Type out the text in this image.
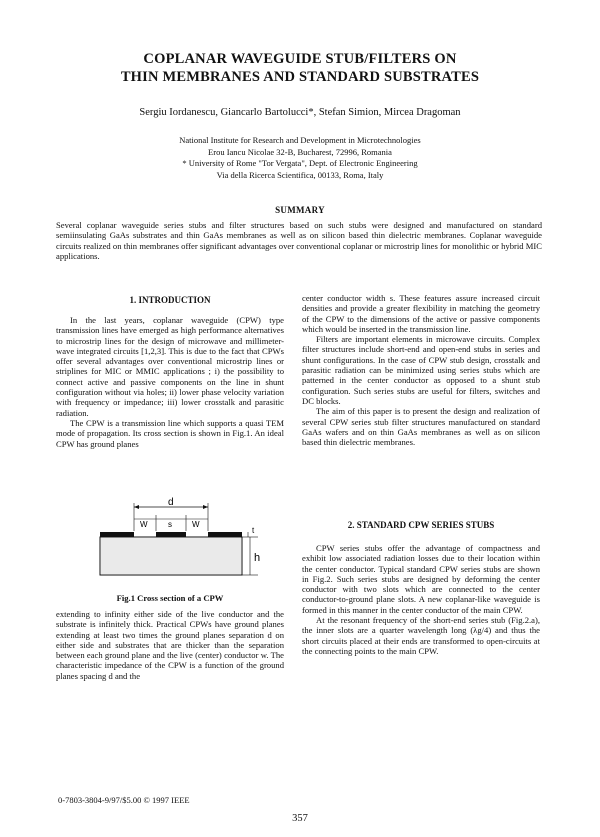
COPLANAR WAVEGUIDE STUB/FILTERS ON
THIN MEMBRANES AND STANDARD SUBSTRATES
Sergiu Iordanescu, Giancarlo Bartolucci*, Stefan Simion, Mircea Dragoman
National Institute for Research and Development in Microtechnologies
Erou Iancu Nicolae 32-B, Bucharest, 72996, Romania
* University of Rome "Tor Vergata", Dept. of Electronic Engineering
Via della Ricerca Scientifica, 00133, Roma, Italy
SUMMARY
Several coplanar waveguide series stubs and filter structures based on such stubs were designed and manufactured on standard semiinsulating GaAs substrates and thin GaAs membranes as well as on silicon based thin dielectric membranes. Coplanar waveguide circuits realized on thin membranes offer significant advantages over conventional coplanar or microstrip lines for monolithic or hybrid MIC applications.
1. INTRODUCTION

In the last years, coplanar waveguide (CPW) type transmission lines have emerged as high performance alternatives to microstrip lines for the design of microwave and millimeter-wave integrated circuits [1,2,3]. This is due to the fact that CPWs offer several advantages over conventional microstrip lines or striplines for MIC or MMIC applications ; i) the possibility to connect active and passive components on the line in shunt configuration without via holes; ii) lower phase velocity variation with frequency or impedance; iii) lower crosstalk and parasitic radiation.

The CPW is a transmission line which supports a quasi TEM mode of propagation. Its cross section is shown in Fig.1. An ideal CPW has ground planes

d
W	s	W
t
h
Fig.1 Cross section of a CPW
extending to infinity either side of the live conductor and the substrate is infinitely thick. Practical CPWs have ground planes extending at least two times the ground planes separation d on either side and substrates that are thicker than the separation between each ground plane and the live (center) conductor w. The characteristic impedance of the CPW is a function of the ground planes spacing d and the
center conductor width s. These features assure increased circuit densities and provide a greater flexibility in matching the geometry of the CPW to the dimensions of the active or passive components which would be inserted in the transmission line.

Filters are important elements in microwave circuits. Complex filter structures include short-end and open-end stubs in series and shunt configurations. In the case of CPW stub design, crosstalk and parasitic radiation can be minimized using series stubs which are patterned in the center conductor as opposed to a shunt stub configuration. Such series stubs are useful for filters, switches and DC blocks.

The aim of this paper is to present the design and realization of several CPW series stub filter structures manufactured on standard GaAs wafers and on thin GaAs membranes as well as on silicon based thin dielectric membranes.

2. STANDARD CPW SERIES STUBS

CPW series stubs offer the advantage of compactness and exhibit low associated radiation losses due to their location within the center conductor. Typical standard CPW series stubs are shown in Fig.2. Such series stubs are designed by deforming the center conductor with two slots which are connected to the center conductor-to-ground plane slots. A new coplanar-like waveguide is formed in this manner in the center conductor of the main CPW.

At the resonant frequency of the short-end series stub (Fig.2.a), the inner slots are a quarter wavelength long (λg/4) and thus the short circuits placed at their ends are transformed to open-circuits at the connecting points to the main CPW.

0-7803-3804-9/97/$5.00 © 1997 IEEE
357
